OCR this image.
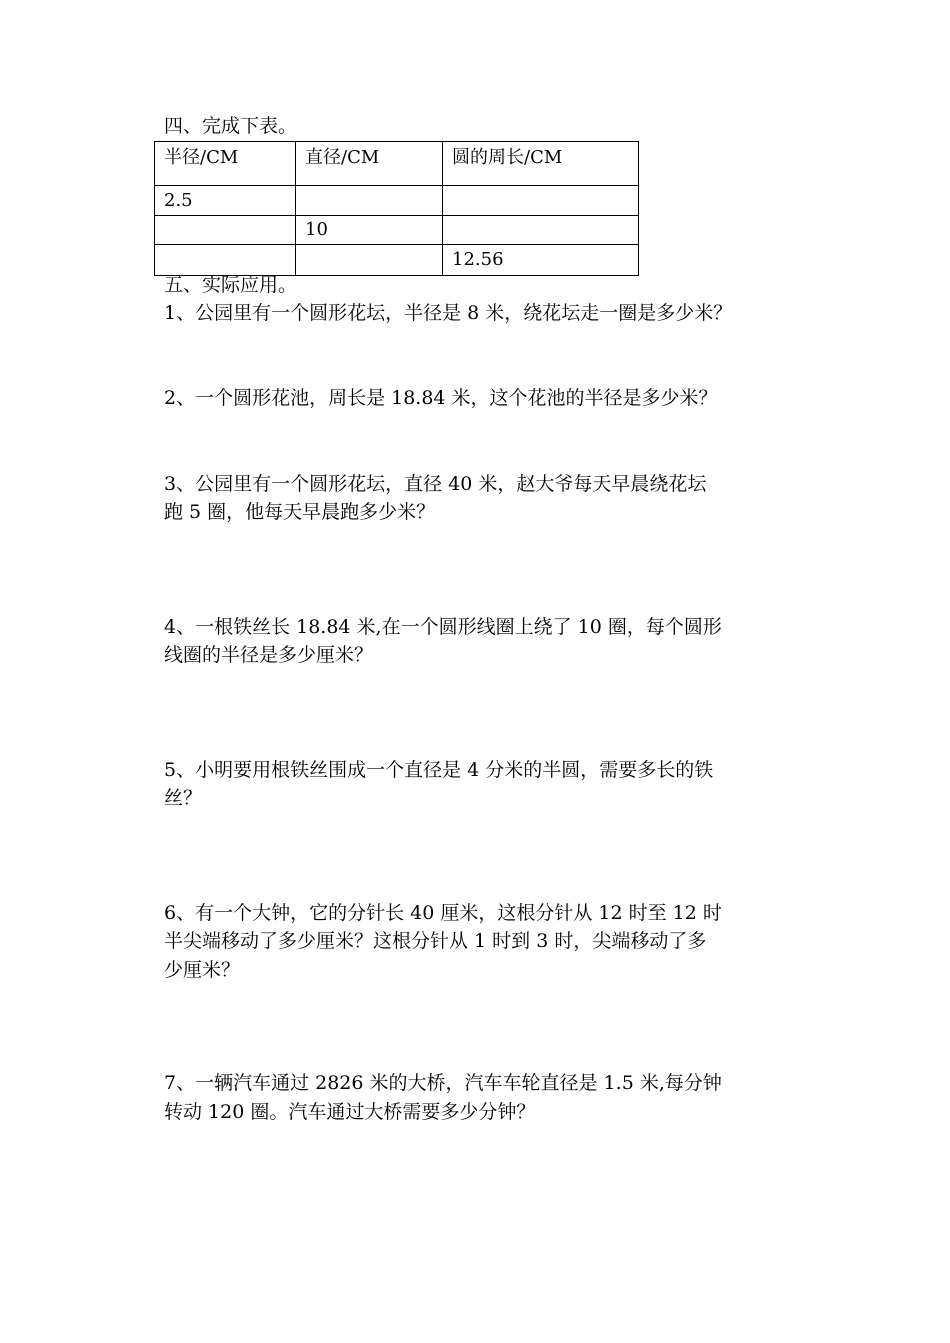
四、完成下表。
半径/CM	直径/CM	圆的周长/CM
2.5		
	10	
		12.56
五、实际应用。
1、公园里有一个圆形花坛，半径是 8 米，绕花坛走一圈是多少米？
2、一个圆形花池，周长是 18.84 米，这个花池的半径是多少米？
3、公园里有一个圆形花坛，直径 40 米，赵大爷每天早晨绕花坛
跑 5 圈，他每天早晨跑多少米？
4、一根铁丝长 18.84 米,在一个圆形线圈上绕了 10 圈，每个圆形
线圈的半径是多少厘米？
5、小明要用根铁丝围成一个直径是 4 分米的半圆，需要多长的铁
丝？
6、有一个大钟，它的分针长 40 厘米，这根分针从 12 时至 12 时
半尖端移动了多少厘米？这根分针从 1 时到 3 时，尖端移动了多
少厘米？
7、一辆汽车通过 2826 米的大桥，汽车车轮直径是 1.5 米,每分钟
转动 120 圈。汽车通过大桥需要多少分钟？
